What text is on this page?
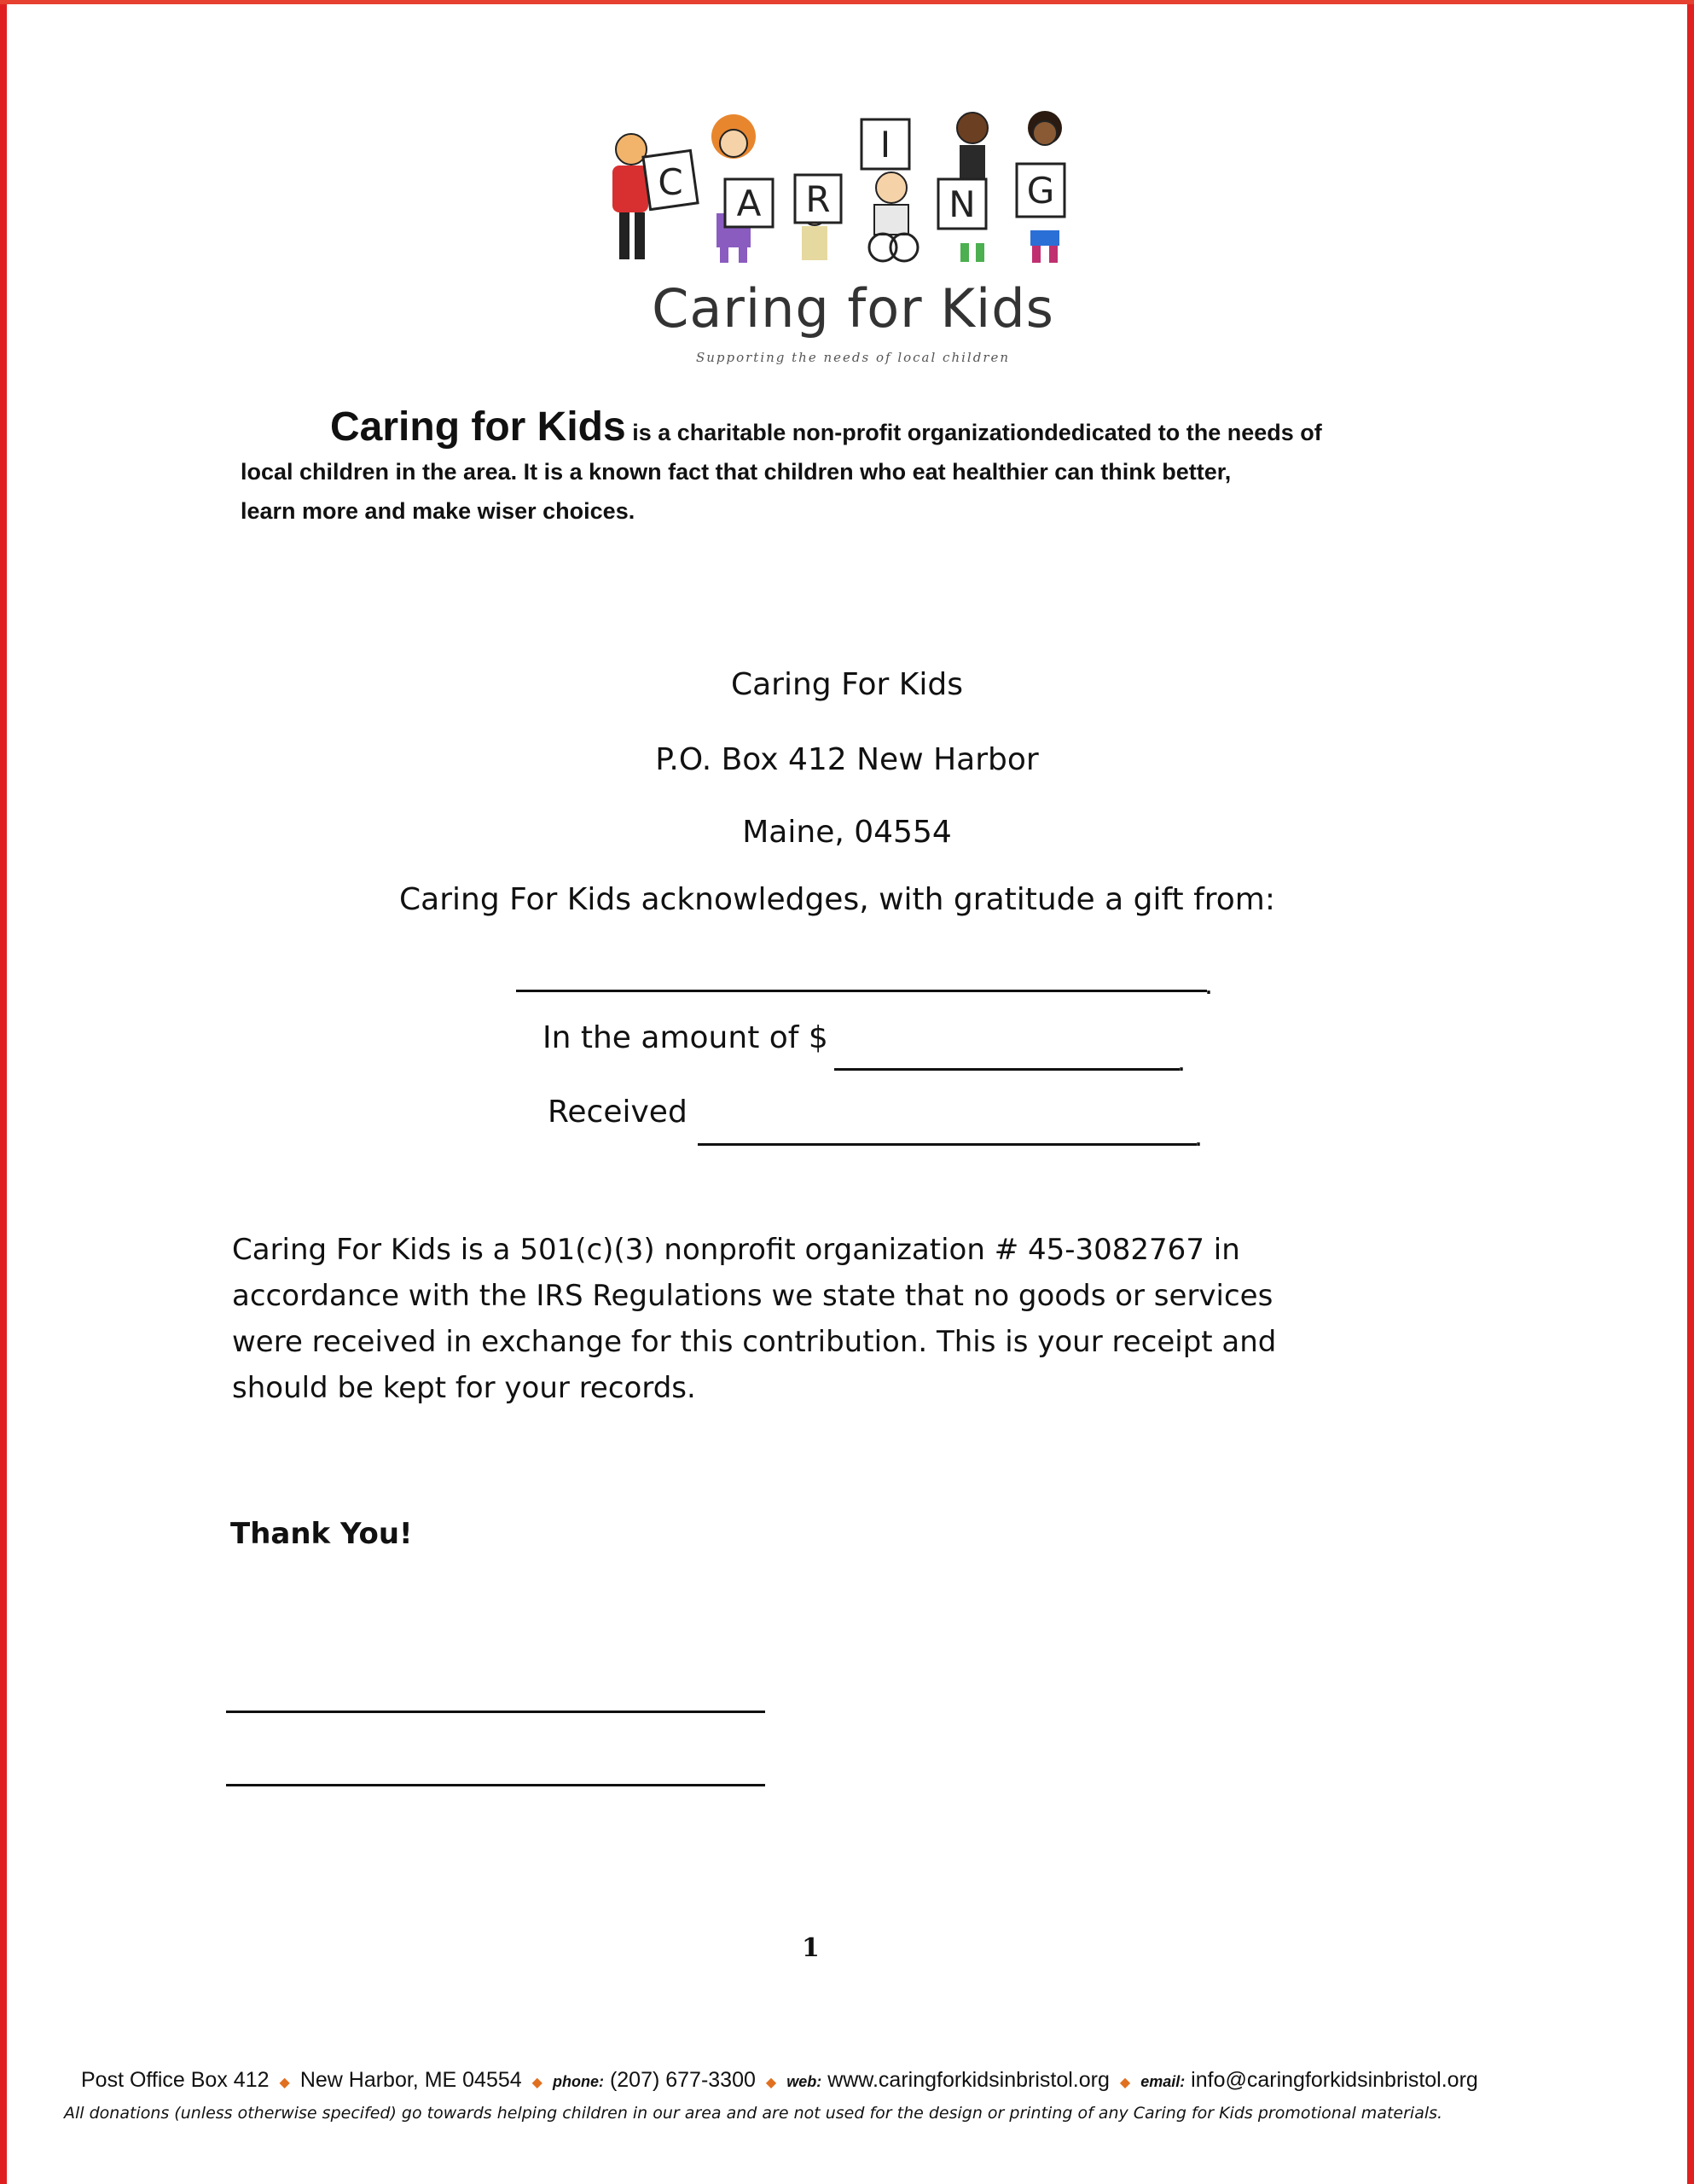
C
A R
I
N G
Caring for Kids
Supporting the needs of local children
Caring for Kids is a charitable non-profit organizationdedicated to the needs of
local children in the area. It is a known fact that children who eat healthier can think better,
learn more and make wiser choices.
Caring For Kids
P.O. Box 412 New Harbor
Maine, 04554
Caring For Kids acknowledges, with gratitude a gift from:
.
In the amount of $
.
Received
.
Caring For Kids is a 501(c)(3) nonprofit organization # 45-3082767 in
accordance with the IRS Regulations we state that no goods or services
were received in exchange for this contribution. This is your receipt and
should be kept for your records.
Thank You!
1
Post Office Box 412 ◆ New Harbor, ME 04554 ◆ phone: (207) 677-3300 ◆ web: www.caringforkidsinbristol.org ◆ email: info@caringforkidsinbristol.org
All donations (unless otherwise specifed) go towards helping children in our area and are not used for the design or printing of any Caring for Kids promotional materials.
